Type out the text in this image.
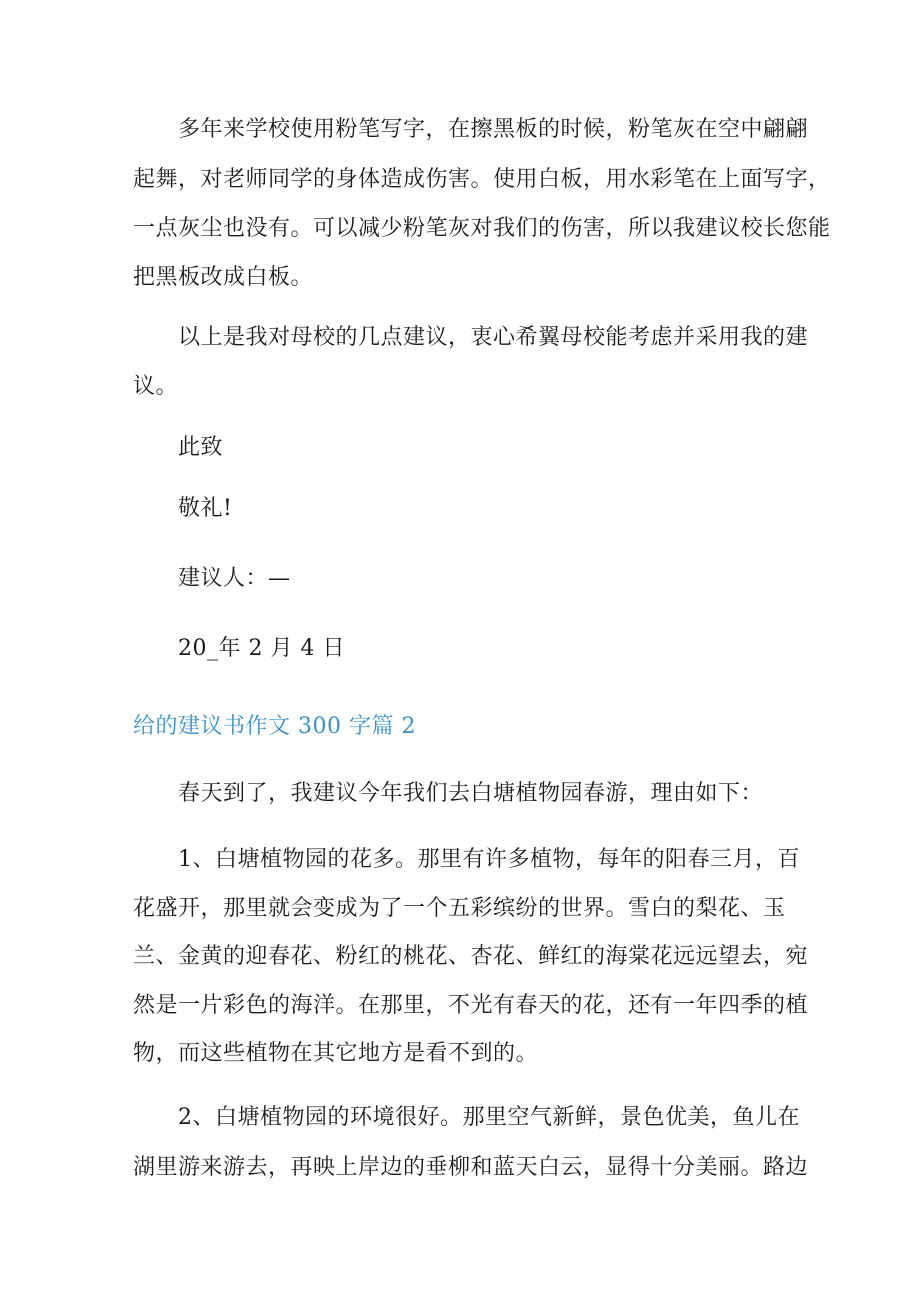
多年来学校使用粉笔写字，在擦黑板的时候，粉笔灰在空中翩翩
起舞，对老师同学的身体造成伤害。使用白板，用水彩笔在上面写字，
一点灰尘也没有。可以减少粉笔灰对我们的伤害，所以我建议校长您能
把黑板改成白板。
以上是我对母校的几点建议，衷心希翼母校能考虑并采用我的建
议。
此致
敬礼!
建议人：—
20_年 2 月 4 日
给的建议书作文 300 字篇 2
春天到了，我建议今年我们去白塘植物园春游，理由如下：
1、白塘植物园的花多。那里有许多植物，每年的阳春三月，百
花盛开，那里就会变成为了一个五彩缤纷的世界。雪白的梨花、玉
兰、金黄的迎春花、粉红的桃花、杏花、鲜红的海棠花远远望去，宛
然是一片彩色的海洋。在那里，不光有春天的花，还有一年四季的植
物，而这些植物在其它地方是看不到的。
2、白塘植物园的环境很好。那里空气新鲜，景色优美，鱼儿在
湖里游来游去，再映上岸边的垂柳和蓝天白云，显得十分美丽。路边
